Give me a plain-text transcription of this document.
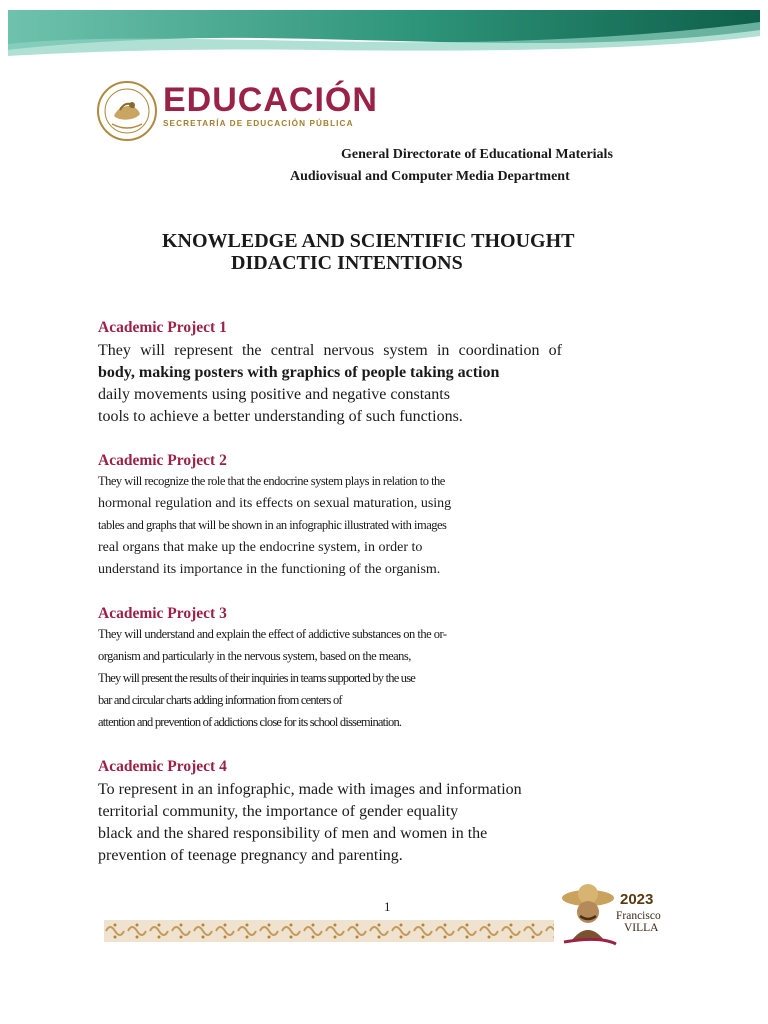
EDUCACIÓN
SECRETARÍA DE EDUCACIÓN PÚBLICA
General Directorate of Educational Materials
Audiovisual and Computer Media Department
KNOWLEDGE AND SCIENTIFIC THOUGHT
DIDACTIC INTENTIONS
Academic Project 1
They will represent the central nervous system in coordination of
body, making posters with graphics of people taking action
daily movements using positive and negative constants
tools to achieve a better understanding of such functions.
Academic Project 2
They will recognize the role that the endocrine system plays in relation to the
hormonal regulation and its effects on sexual maturation, using
tables and graphs that will be shown in an infographic illustrated with images
real organs that make up the endocrine system, in order to
understand its importance in the functioning of the organism.
Academic Project 3
They will understand and explain the effect of addictive substances on the or-
organism and particularly in the nervous system, based on the means,
They will present the results of their inquiries in teams supported by the use
bar and circular charts adding information from centers of
attention and prevention of addictions close for its school dissemination.
Academic Project 4
To represent in an infographic, made with images and information
territorial community, the importance of gender equality
black and the shared responsibility of men and women in the
prevention of teenage pregnancy and parenting.
1	2023
Francisco
VILLA
